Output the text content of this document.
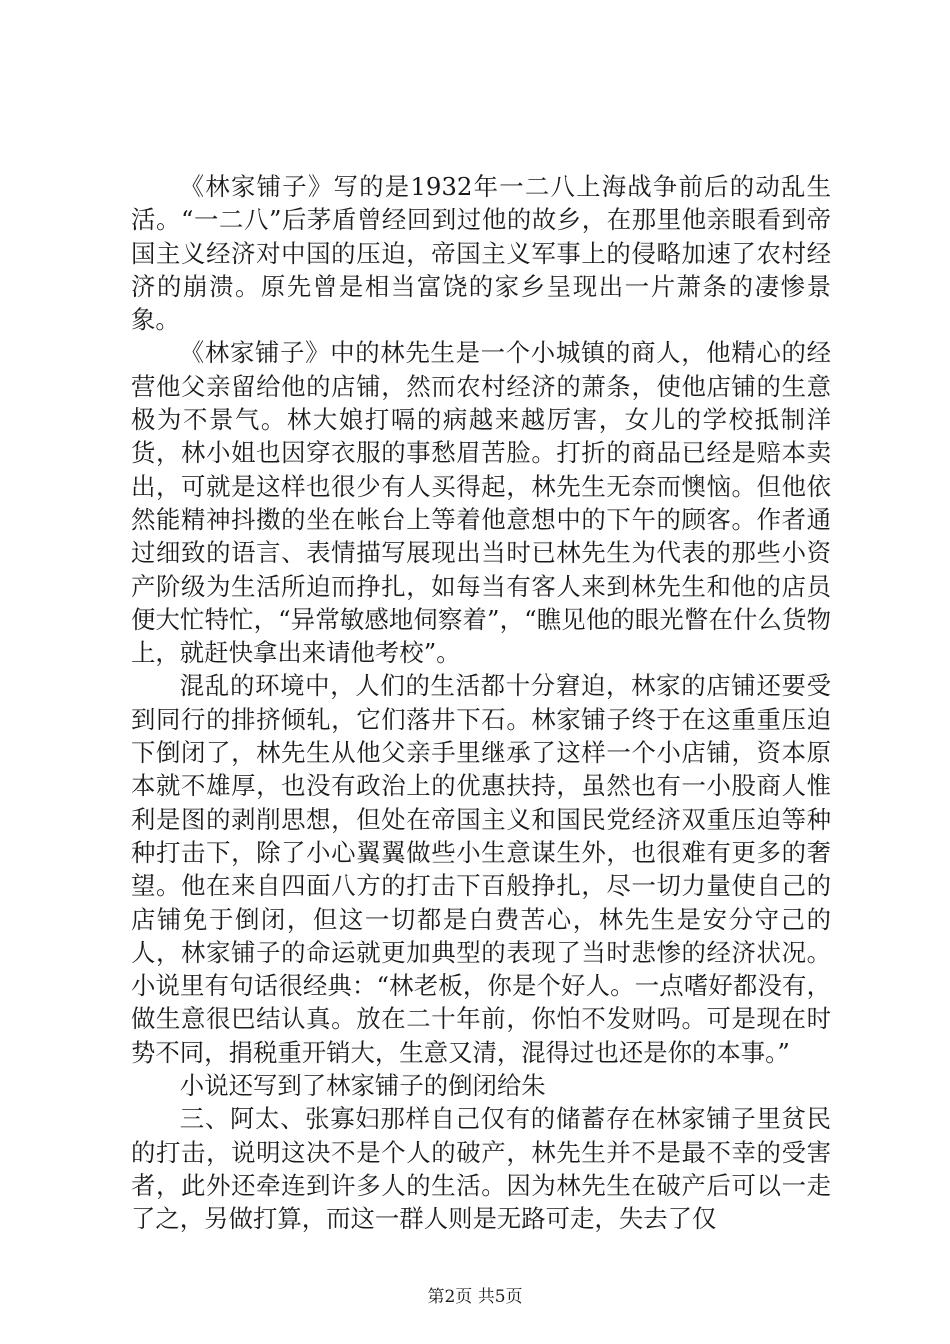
《林家铺子》写的是1932年一二八上海战争前后的动乱生活。“一二八”后茅盾曾经回到过他的故乡，在那里他亲眼看到帝国主义经济对中国的压迫，帝国主义军事上的侵略加速了农村经济的崩溃。原先曾是相当富饶的家乡呈现出一片萧条的凄惨景象。

《林家铺子》中的林先生是一个小城镇的商人，他精心的经营他父亲留给他的店铺，然而农村经济的萧条，使他店铺的生意极为不景气。林大娘打嗝的病越来越厉害，女儿的学校抵制洋货，林小姐也因穿衣服的事愁眉苦脸。打折的商品已经是赔本卖出，可就是这样也很少有人买得起，林先生无奈而懊恼。但他依然能精神抖擞的坐在帐台上等着他意想中的下午的顾客。作者通过细致的语言、表情描写展现出当时已林先生为代表的那些小资产阶级为生活所迫而挣扎，如每当有客人来到林先生和他的店员便大忙特忙，“异常敏感地伺察着”，“瞧见他的眼光瞥在什么货物上，就赶快拿出来请他考校”。

混乱的环境中，人们的生活都十分窘迫，林家的店铺还要受到同行的排挤倾轧，它们落井下石。林家铺子终于在这重重压迫下倒闭了，林先生从他父亲手里继承了这样一个小店铺，资本原本就不雄厚，也没有政治上的优惠扶持，虽然也有一小股商人惟利是图的剥削思想，但处在帝国主义和国民党经济双重压迫等种种打击下，除了小心翼翼做些小生意谋生外，也很难有更多的奢望。他在来自四面八方的打击下百般挣扎，尽一切力量使自己的店铺免于倒闭，但这一切都是白费苦心，林先生是安分守己的人，林家铺子的命运就更加典型的表现了当时悲惨的经济状况。小说里有句话很经典：“林老板，你是个好人。一点嗜好都没有，做生意很巴结认真。放在二十年前，你怕不发财吗。可是现在时势不同，捐税重开销大，生意又清，混得过也还是你的本事。”

小说还写到了林家铺子的倒闭给朱

三、阿太、张寡妇那样自己仅有的储蓄存在林家铺子里贫民的打击，说明这决不是个人的破产，林先生并不是最不幸的受害者，此外还牵连到许多人的生活。因为林先生在破产后可以一走了之，另做打算，而这一群人则是无路可走，失去了仅

第2页 共5页
